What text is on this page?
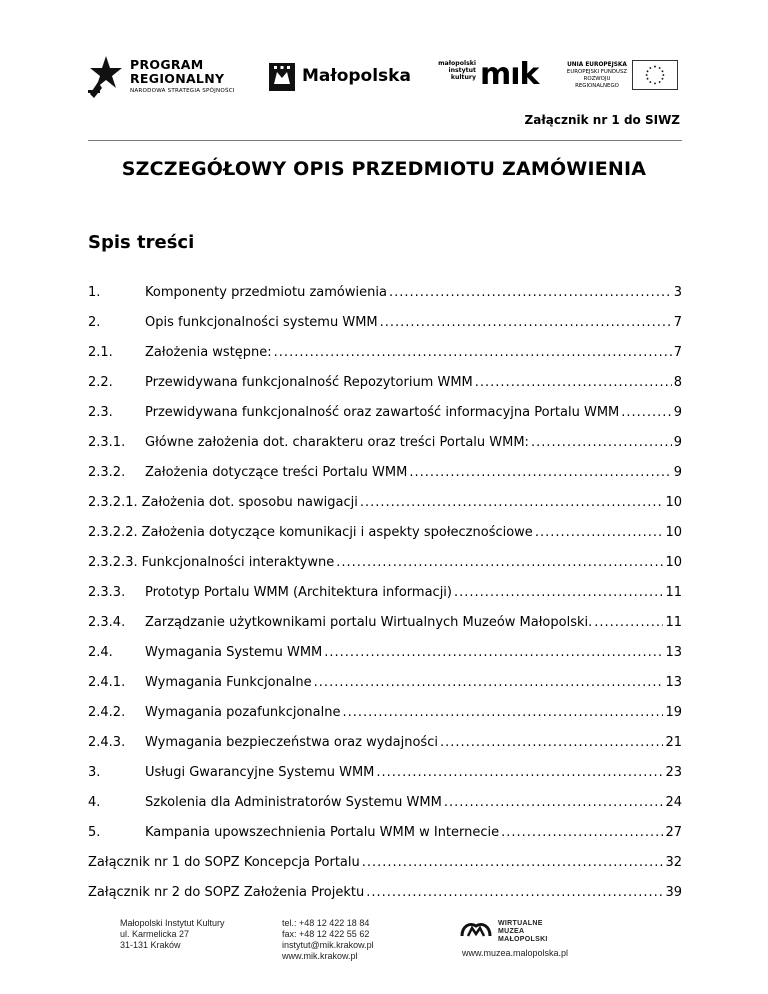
PROGRAM
REGIONALNY
NARODOWA STRATEGIA SPÓJNOŚCI
Małopolska
małopolski
instytut
kultury mık	UNIA EUROPEJSKA
EUROPEJSKI FUNDUSZ
ROZWOJU REGIONALNEGO
Załącznik nr 1 do SIWZ
SZCZEGÓŁOWY OPIS PRZEDMIOTU ZAMÓWIENIA
Spis treści
1.	Komponenty przedmiotu zamówienia .....	3
2.	Opis funkcjonalności systemu WMM .....	7
2.1.	Założenia wstępne: .....	7
2.2.	Przewidywana funkcjonalność Repozytorium WMM .....	8
2.3.	Przewidywana funkcjonalność oraz zawartość informacyjna Portalu WMM .....	9
2.3.1.	Główne założenia dot. charakteru oraz treści Portalu WMM: .....	9
2.3.2.	Założenia dotyczące treści Portalu WMM .....	9
2.3.2.1. Założenia dot. sposobu nawigacji .....	10
2.3.2.2. Założenia dotyczące komunikacji i aspekty społecznościowe .....	10
2.3.2.3. Funkcjonalności interaktywne .....	10
2.3.3.	Prototyp Portalu WMM (Architektura informacji) .....	11
2.3.4.	Zarządzanie użytkownikami portalu Wirtualnych Muzeów Małopolski. .....	11
2.4.	Wymagania Systemu WMM .....	13
2.4.1.	Wymagania Funkcjonalne .....	13
2.4.2.	Wymagania pozafunkcjonalne .....	19
2.4.3.	Wymagania bezpieczeństwa oraz wydajności .....	21
3.	Usługi Gwarancyjne Systemu WMM .....	23
4.	Szkolenia dla Administratorów Systemu WMM .....	24
5.	Kampania upowszechnienia Portalu WMM w Internecie .....	27
Załącznik nr 1 do SOPZ Koncepcja Portalu .....	32
Załącznik nr 2 do SOPZ Założenia Projektu .....	39
Małopolski Instytut Kultury
ul. Karmelicka 27
31-131 Kraków
tel.: +48 12 422 18 84
fax: +48 12 422 55 62
instytut@mik.krakow.pl
www.mik.krakow.pl
WIRTUALNE
MUZEA
MAŁOPOLSKI
www.muzea.malopolska.pl
